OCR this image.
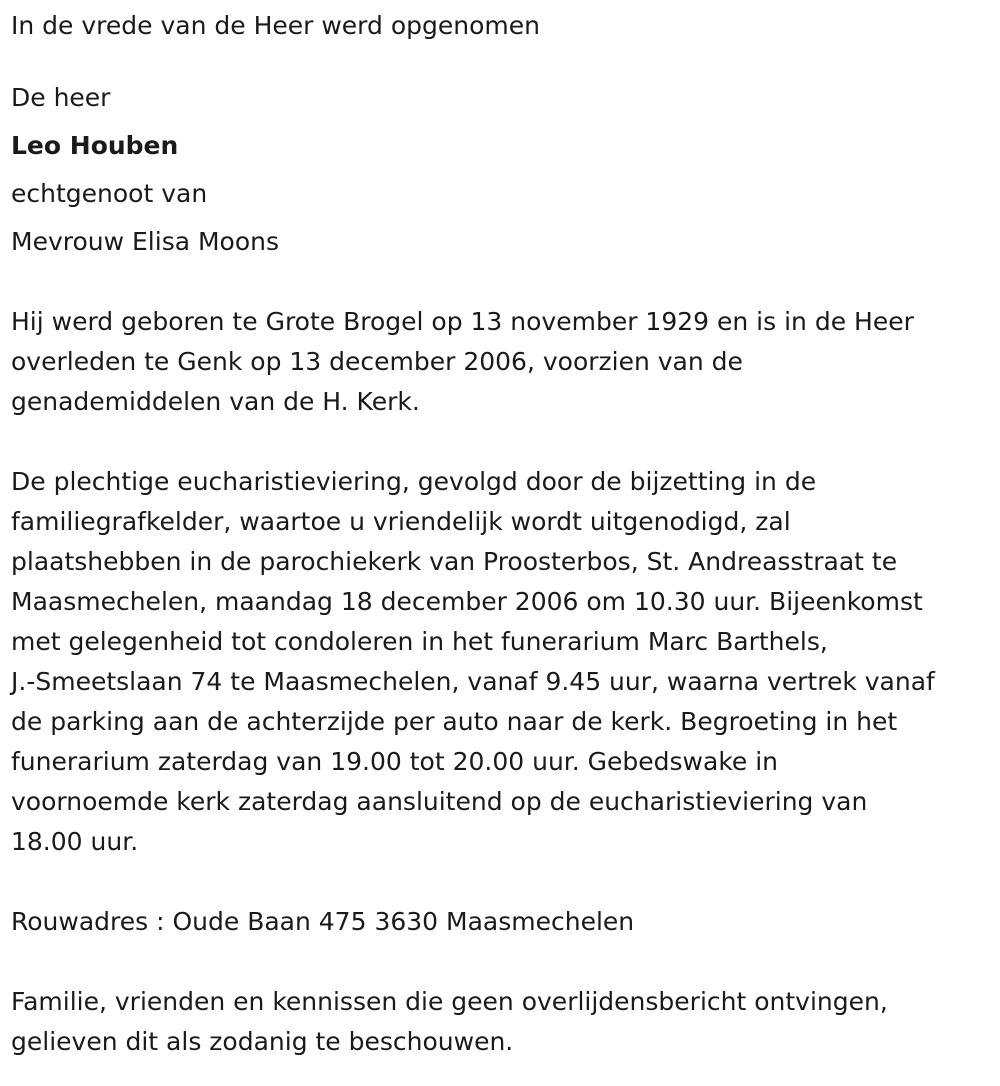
In de vrede van de Heer werd opgenomen

De heer

Leo Houben

echtgenoot van

Mevrouw Elisa Moons

Hij werd geboren te Grote Brogel op 13 november 1929 en is in de Heer
overleden te Genk op 13 december 2006, voorzien van de
genademiddelen van de H. Kerk.

De plechtige eucharistieviering, gevolgd door de bijzetting in de
familiegrafkelder, waartoe u vriendelijk wordt uitgenodigd, zal
plaatshebben in de parochiekerk van Proosterbos, St. Andreasstraat te
Maasmechelen, maandag 18 december 2006 om 10.30 uur. Bijeenkomst
met gelegenheid tot condoleren in het funerarium Marc Barthels,
J.-Smeetslaan 74 te Maasmechelen, vanaf 9.45 uur, waarna vertrek vanaf
de parking aan de achterzijde per auto naar de kerk. Begroeting in het
funerarium zaterdag van 19.00 tot 20.00 uur. Gebedswake in
voornoemde kerk zaterdag aansluitend op de eucharistieviering van
18.00 uur.

Rouwadres : Oude Baan 475 3630 Maasmechelen

Familie, vrienden en kennissen die geen overlijdensbericht ontvingen,
gelieven dit als zodanig te beschouwen.
